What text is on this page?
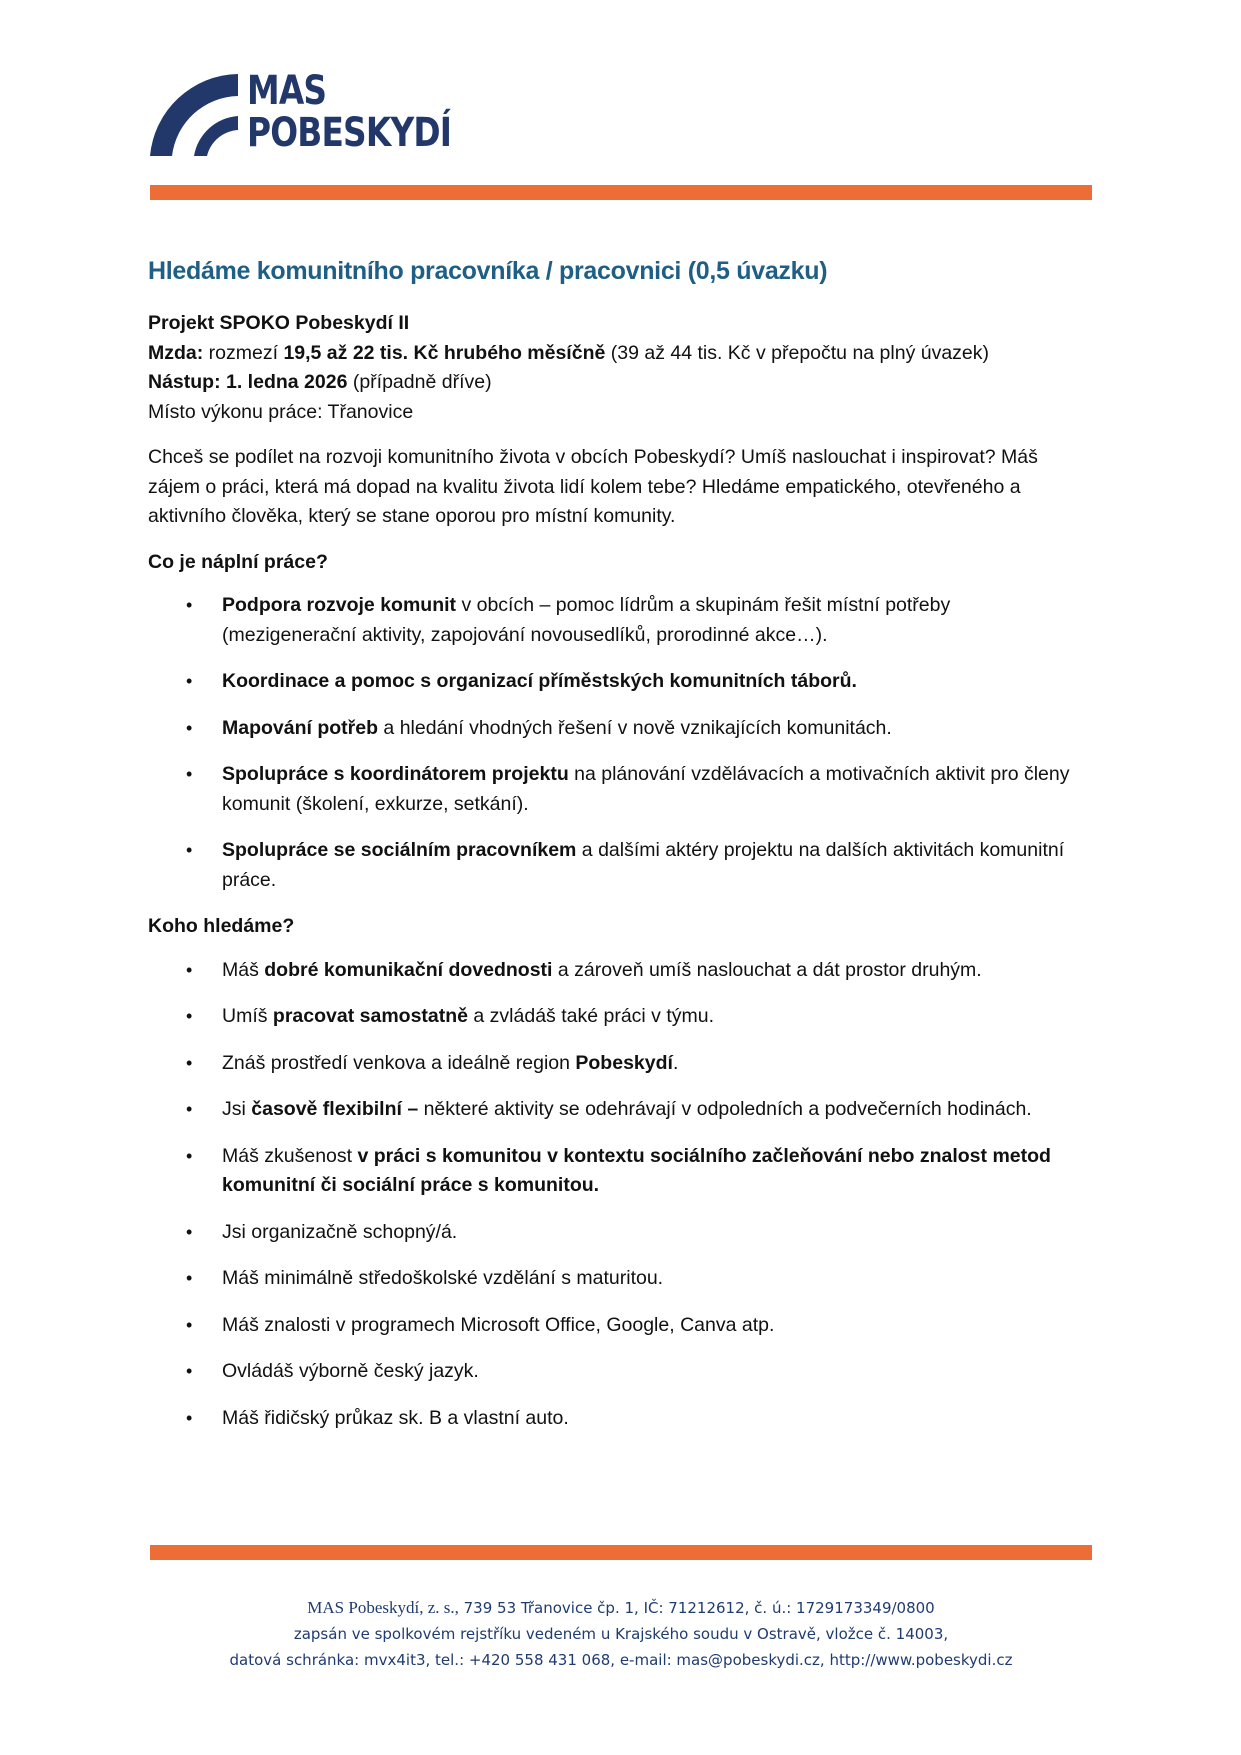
MAS
POBESKYDÍ
Hledáme komunitního pracovníka / pracovnici (0,5 úvazku)

Projekt SPOKO Pobeskydí II

Mzda: rozmezí 19,5 až 22 tis. Kč hrubého měsíčně (39 až 44 tis. Kč v přepočtu na plný úvazek)

Nástup: 1. ledna 2026 (případně dříve)

Místo výkonu práce: Třanovice

Chceš se podílet na rozvoji komunitního života v obcích Pobeskydí? Umíš naslouchat i inspirovat? Máš zájem o práci, která má dopad na kvalitu života lidí kolem tebe? Hledáme empatického, otevřeného a aktivního člověka, který se stane oporou pro místní komunity.

Co je náplní práce?

• Podpora rozvoje komunit v obcích – pomoc lídrům a skupinám řešit místní potřeby (mezigenerační aktivity, zapojování novousedlíků, prorodinné akce…).
• Koordinace a pomoc s organizací příměstských komunitních táborů.
• Mapování potřeb a hledání vhodných řešení v nově vznikajících komunitách.
• Spolupráce s koordinátorem projektu na plánování vzdělávacích a motivačních aktivit pro členy komunit (školení, exkurze, setkání).
• Spolupráce se sociálním pracovníkem a dalšími aktéry projektu na dalších aktivitách komunitní práce.

Koho hledáme?

• Máš dobré komunikační dovednosti a zároveň umíš naslouchat a dát prostor druhým.
• Umíš pracovat samostatně a zvládáš také práci v týmu.
• Znáš prostředí venkova a ideálně region Pobeskydí.
• Jsi časově flexibilní – některé aktivity se odehrávají v odpoledních a podvečerních hodinách.
• Máš zkušenost v práci s komunitou v kontextu sociálního začleňování nebo znalost metod komunitní či sociální práce s komunitou.
• Jsi organizačně schopný/á.
• Máš minimálně středoškolské vzdělání s maturitou.
• Máš znalosti v programech Microsoft Office, Google, Canva atp.
• Ovládáš výborně český jazyk.
• Máš řidičský průkaz sk. B a vlastní auto.
MAS Pobeskydí, z. s., 739 53 Třanovice čp. 1, IČ: 71212612, č. ú.: 1729173349/0800
zapsán ve spolkovém rejstříku vedeném u Krajského soudu v Ostravě, vložce č. 14003,
datová schránka: mvx4it3, tel.: +420 558 431 068, e-mail: mas@pobeskydi.cz, http://www.pobeskydi.cz
